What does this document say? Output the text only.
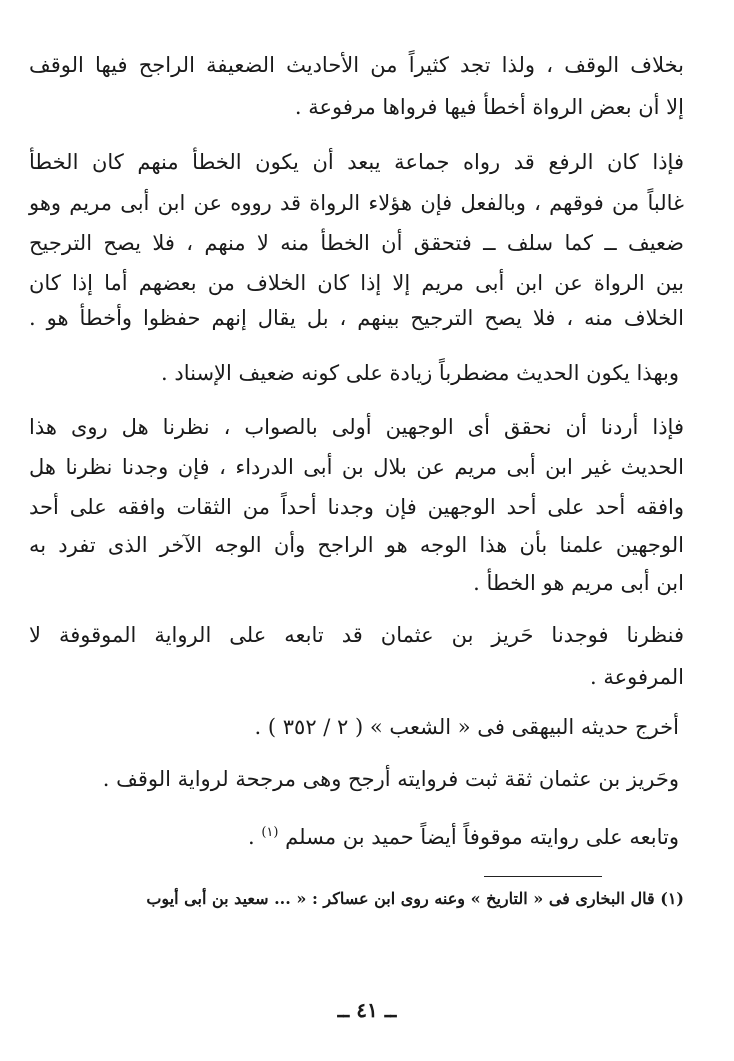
بخلاف الوقف ، ولذا تجد كثيراً من الأحاديث الضعيفة الراجح فيها الوقف
إلا أن بعض الرواة أخطأ فيها فرواها مرفوعة .
فإذا كان الرفع قد رواه جماعة يبعد أن يكون الخطأ منهم كان الخطأ
غالباً من فوقهم ، وبالفعل فإن هؤلاء الرواة قد رووه عن ابن أبى مريم وهو
ضعيف ــ كما سلف ــ فتحقق أن الخطأ منه لا منهم ، فلا يصح الترجيح
بين الرواة عن ابن أبى مريم إلا إذا كان الخلاف من بعضهم أما إذا كان
الخلاف منه ، فلا يصح الترجيح بينهم ، بل يقال إنهم حفظوا وأخطأ هو .
وبهذا يكون الحديث مضطرباً زيادة على كونه ضعيف الإسناد .
فإذا أردنا أن نحقق أى الوجهين أولى بالصواب ، نظرنا هل روى هذا
الحديث غير ابن أبى مريم عن بلال بن أبى الدرداء ، فإن وجدنا نظرنا هل
وافقه أحد على أحد الوجهين فإن وجدنا أحداً من الثقات وافقه على أحد
الوجهين علمنا بأن هذا الوجه هو الراجح وأن الوجه الآخر الذى تفرد به
ابن أبى مريم هو الخطأ .
فنظرنا فوجدنا حَريز بن عثمان قد تابعه على الرواية الموقوفة لا
المرفوعة .
أخرج حديثه البيهقى فى « الشعب » ( ٢ / ٣٥٢ ) .
وحَريز بن عثمان ثقة ثبت فروايته أرجح وهى مرجحة لرواية الوقف .
وتابعه على روايته موقوفاً أيضاً حميد بن مسلم $^{(١)}$ .
(١) قال البخارى فى « التاريخ » وعنه روى ابن عساكر : « ... سعيد بن أبى أيوب
ــ ٤١ ــ
